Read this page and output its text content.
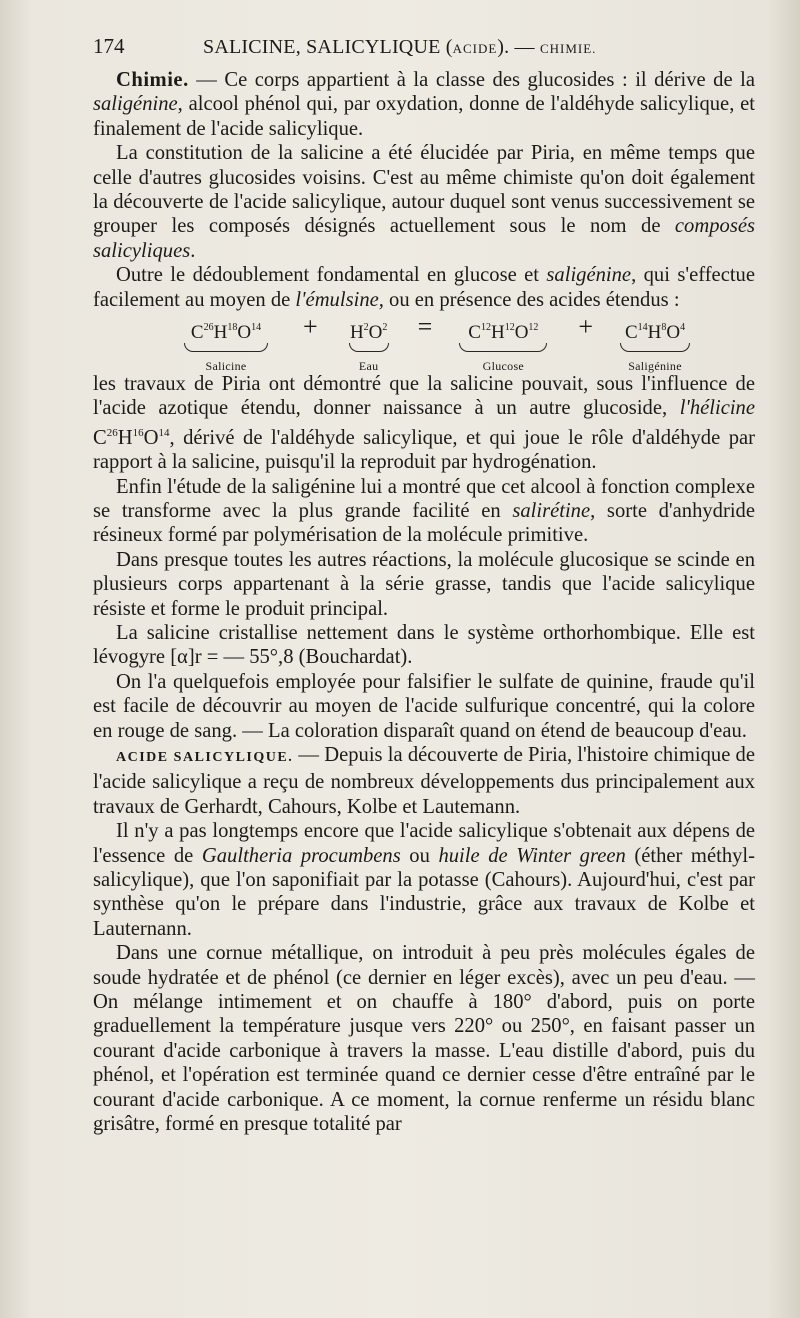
174	SALICINE, SALICYLIQUE (ACIDE). — CHIMIE.

Chimie. — Ce corps appartient à la classe des glucosides : il dérive de la saligénine, alcool phénol qui, par oxydation, donne de l'aldéhyde salicylique, et finalement de l'acide salicylique.

La constitution de la salicine a été élucidée par Piria, en même temps que celle d'autres glucosides voisins. C'est au même chimiste qu'on doit également la découverte de l'acide salicylique, autour duquel sont venus successivement se grouper les composés désignés actuellement sous le nom de composés salicyliques.

Outre le dédoublement fondamental en glucose et saligénine, qui s'effectue facilement au moyen de l'émulsine, ou en présence des acides étendus :

$C^{26}H^{18}O^{14}$
Salicine
+ $H^2O^2$
Eau
= $C^{12}H^{12}O^{12}$
Glucose
+ $C^{14}H^8O^4$
Saligénine

les travaux de Piria ont démontré que la salicine pouvait, sous l'influence de l'acide azotique étendu, donner naissance à un autre glucoside, l'hélicine $C^{26}H^{16}O^{14}$, dérivé de l'aldéhyde salicylique, et qui joue le rôle d'aldéhyde par rapport à la salicine, puisqu'il la reproduit par hydrogénation.

Enfin l'étude de la saligénine lui a montré que cet alcool à fonction complexe se transforme avec la plus grande facilité en salirétine, sorte d'anhydride résineux formé par polymérisation de la molécule primitive.

Dans presque toutes les autres réactions, la molécule glucosique se scinde en plusieurs corps appartenant à la série grasse, tandis que l'acide salicylique résiste et forme le produit principal.

La salicine cristallise nettement dans le système orthorhombique. Elle est lévogyre [α]r = — 55°,8 (Bouchardat).

On l'a quelquefois employée pour falsifier le sulfate de quinine, fraude qu'il est facile de découvrir au moyen de l'acide sulfurique concentré, qui la colore en rouge de sang. — La coloration disparaît quand on étend de beaucoup d'eau.

ACIDE SALICYLIQUE. — Depuis la découverte de Piria, l'histoire chimique de l'acide salicylique a reçu de nombreux développements dus principalement aux travaux de Gerhardt, Cahours, Kolbe et Lautemann.

Il n'y a pas longtemps encore que l'acide salicylique s'obtenait aux dépens de l'essence de Gaultheria procumbens ou huile de Winter green (éther méthyl-salicylique), que l'on saponifiait par la potasse (Cahours). Aujourd'hui, c'est par synthèse qu'on le prépare dans l'industrie, grâce aux travaux de Kolbe et Lauternann.

Dans une cornue métallique, on introduit à peu près molécules égales de soude hydratée et de phénol (ce dernier en léger excès), avec un peu d'eau. — On mélange intimement et on chauffe à 180° d'abord, puis on porte graduellement la température jusque vers 220° ou 250°, en faisant passer un courant d'acide carbonique à travers la masse. L'eau distille d'abord, puis du phénol, et l'opération est terminée quand ce dernier cesse d'être entraîné par le courant d'acide carbonique. A ce moment, la cornue renferme un résidu blanc grisâtre, formé en presque totalité par
